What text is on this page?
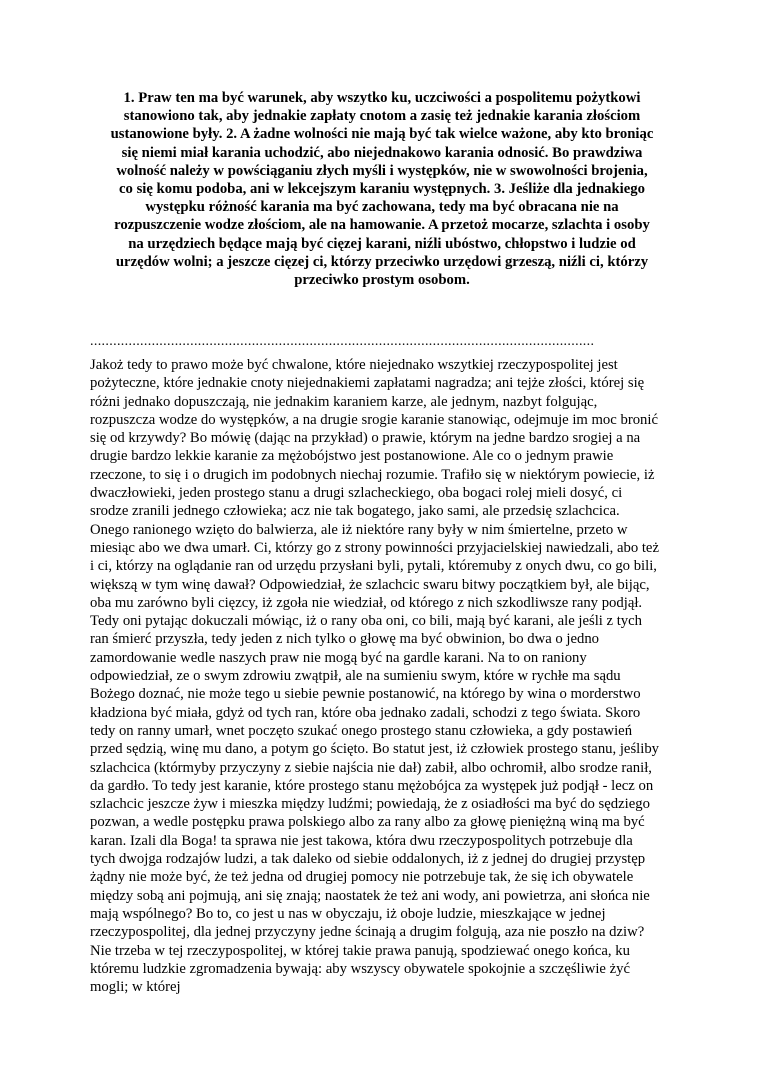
1. Praw ten ma być warunek, aby wszytko ku, uczciwości a pospolitemu pożytkowi stanowiono tak, aby jednakie zapłaty cnotom a zasię też jednakie karania złościom ustanowione były. 2. A żadne wolności nie mają być tak wielce ważone, aby kto broniąc się niemi miał karania uchodzić, abo niejednakowo karania odnosić. Bo prawdziwa wolność należy w powściąganiu złych myśli i występków, nie w swowolności brojenia, co się komu podoba, ani w lekcejszym karaniu występnych. 3. Jeśliże dla jednakiego występku różność karania ma być zachowana, tedy ma być obracana nie na rozpuszczenie wodze złościom, ale na hamowanie. A przetoż mocarze, szlachta i osoby na urzędziech będące mają być cięzej karani, niźli ubóstwo, chłopstwo i ludzie od urzędów wolni; a jeszcze cięzej ci, którzy przeciwko urzędowi grzeszą, niźli ci, którzy przeciwko prostym osobom.

...................................................................................................................................

Jakoż tedy to prawo może być chwalone, które niejednako wszytkiej rzeczypospolitej jest pożyteczne, które jednakie cnoty niejednakiemi zapłatami nagradza; ani tejże złości, której się różni jednako dopuszczają, nie jednakim karaniem karze, ale jednym, nazbyt folgując, rozpuszcza wodze do występków, a na drugie srogie karanie stanowiąc, odejmuje im moc bronić się od krzywdy? Bo mówię (dając na przykład) o prawie, którym na jedne bardzo srogiej a na drugie bardzo lekkie karanie za mężobójstwo jest postanowione. Ale co o jednym prawie rzeczone, to się i o drugich im podobnych niechaj rozumie. Trafiło się w niektórym powiecie, iż dwaczłowieki, jeden prostego stanu a drugi szlacheckiego, oba bogaci rolej mieli dosyć, ci srodze zranili jednego człowieka; acz nie tak bogatego, jako sami, ale przedsię szlachcica. Onego ranionego wzięto do balwierza, ale iż niektóre rany były w nim śmiertelne, przeto w miesiąc abo we dwa umarł. Ci, którzy go z strony powinności przyjacielskiej nawiedzali, abo też i ci, którzy na oglądanie ran od urzędu przysłani byli, pytali, któremuby z onych dwu, co go bili, większą w tym winę dawał? Odpowiedział, że szlachcic swaru bitwy początkiem był, ale bijąc, oba mu zarówno byli cięzcy, iż zgoła nie wiedział, od którego z nich szkodliwsze rany podjął. Tedy oni pytając dokuczali mówiąc, iż o rany oba oni, co bili, mają być karani, ale jeśli z tych ran śmierć przyszła, tedy jeden z nich tylko o głowę ma być obwinion, bo dwa o jedno zamordowanie wedle naszych praw nie mogą być na gardle karani. Na to on raniony odpowiedział, ze o swym zdrowiu zwątpił, ale na sumieniu swym, które w rychłe ma sądu Bożego doznać, nie może tego u siebie pewnie postanowić, na którego by wina o morderstwo kładziona być miała, gdyż od tych ran, które oba jednako zadali, schodzi z tego świata. Skoro tedy on ranny umarł, wnet poczęto szukać onego prostego stanu człowieka, a gdy postawień przed sędzią, winę mu dano, a potym go ścięto. Bo statut jest, iż człowiek prostego stanu, jeśliby szlachcica (którmyby przyczyny z siebie najścia nie dał) zabił, albo ochromił, albo srodze ranił, da gardło. To tedy jest karanie, które prostego stanu mężobójca za występek już podjął - lecz on szlachcic jeszcze żyw i mieszka między ludźmi; powiedają, że z osiadłości ma być do sędziego pozwan, a wedle postępku prawa polskiego albo za rany albo za głowę pieniężną winą ma być karan. Izali dla Boga! ta sprawa nie jest takowa, która dwu rzeczypospolitych potrzebuje dla tych dwojga rodzajów ludzi, a tak daleko od siebie oddalonych, iż z jednej do drugiej przystęp żądny nie może być, że też jedna od drugiej pomocy nie potrzebuje tak, że się ich obywatele między sobą ani pojmują, ani się znają; naostatek że też ani wody, ani powietrza, ani słońca nie mają wspólnego? Bo to, co jest u nas w obyczaju, iż oboje ludzie, mieszkające w jednej rzeczypospolitej, dla jednej przyczyny jedne ścinają a drugim folgują, aza nie poszło na dziw? Nie trzeba w tej rzeczypospolitej, w której takie prawa panują, spodziewać onego końca, ku któremu ludzkie zgromadzenia bywają: aby wszyscy obywatele spokojnie a szczęśliwie żyć mogli; w której
